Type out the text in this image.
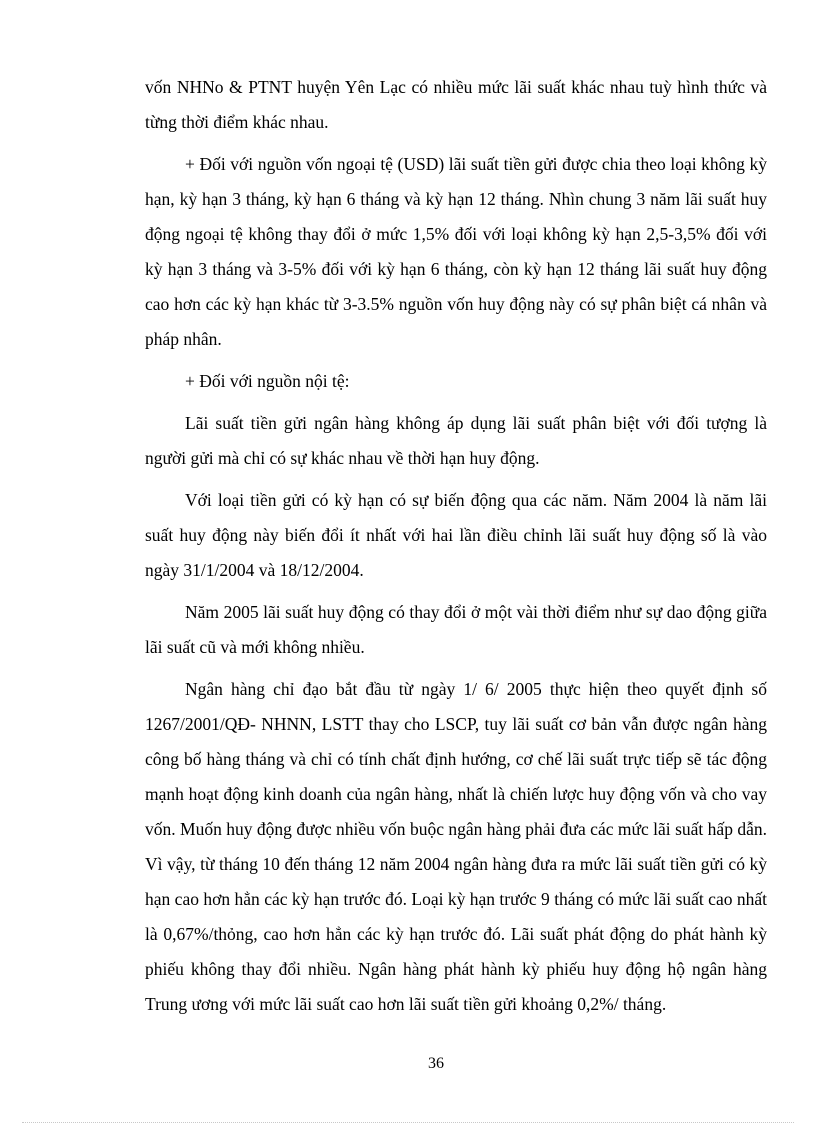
vốn NHNo & PTNT huyện Yên Lạc có nhiều mức lãi suất khác nhau tuỳ hình thức và từng thời điểm khác nhau.

+ Đối với nguồn vốn ngoại tệ (USD) lãi suất tiền gửi được chia theo loại không kỳ hạn, kỳ hạn 3 tháng, kỳ hạn 6 tháng và kỳ hạn 12 tháng. Nhìn chung 3 năm lãi suất huy động ngoại tệ không thay đổi ở mức 1,5% đối với loại không kỳ hạn 2,5-3,5% đối với kỳ hạn 3 tháng và 3-5% đối với kỳ hạn 6 tháng, còn kỳ hạn 12 tháng lãi suất huy động cao hơn các kỳ hạn khác từ 3-3.5% nguồn vốn huy động này có sự phân biệt cá nhân và pháp nhân.

+ Đối với nguồn nội tệ:

Lãi suất tiền gửi ngân hàng không áp dụng lãi suất phân biệt với đối tượng là người gửi mà chỉ có sự khác nhau về thời hạn huy động.

Với loại tiền gửi có kỳ hạn có sự biến động qua các năm. Năm 2004 là năm lãi suất huy động này biến đổi ít nhất với hai lần điều chỉnh lãi suất huy động số là vào ngày 31/1/2004 và 18/12/2004.

Năm 2005 lãi suất huy động có thay đổi ở một vài thời điểm như sự dao động giữa lãi suất cũ và mới không nhiều.

Ngân hàng chỉ đạo bắt đầu từ ngày 1/ 6/ 2005 thực hiện theo quyết định số 1267/2001/QĐ- NHNN, LSTT thay cho LSCP, tuy lãi suất cơ bản vẫn được ngân hàng công bố hàng tháng và chỉ có tính chất định hướng, cơ chế lãi suất trực tiếp sẽ tác động mạnh hoạt động kinh doanh của ngân hàng, nhất là chiến lược huy động vốn và cho vay vốn. Muốn huy động được nhiều vốn buộc ngân hàng phải đưa các mức lãi suất hấp dẫn. Vì vậy, từ tháng 10 đến tháng 12 năm 2004 ngân hàng đưa ra mức lãi suất tiền gửi có kỳ hạn cao hơn hẳn các kỳ hạn trước đó. Loại kỳ hạn trước 9 tháng có mức lãi suất cao nhất là 0,67%/thỏng, cao hơn hẳn các kỳ hạn trước đó. Lãi suất phát động do phát hành kỳ phiếu không thay đổi nhiều. Ngân hàng phát hành kỳ phiếu huy động hộ ngân hàng Trung ương với mức lãi suất cao hơn lãi suất tiền gửi khoảng 0,2%/ tháng.

36
